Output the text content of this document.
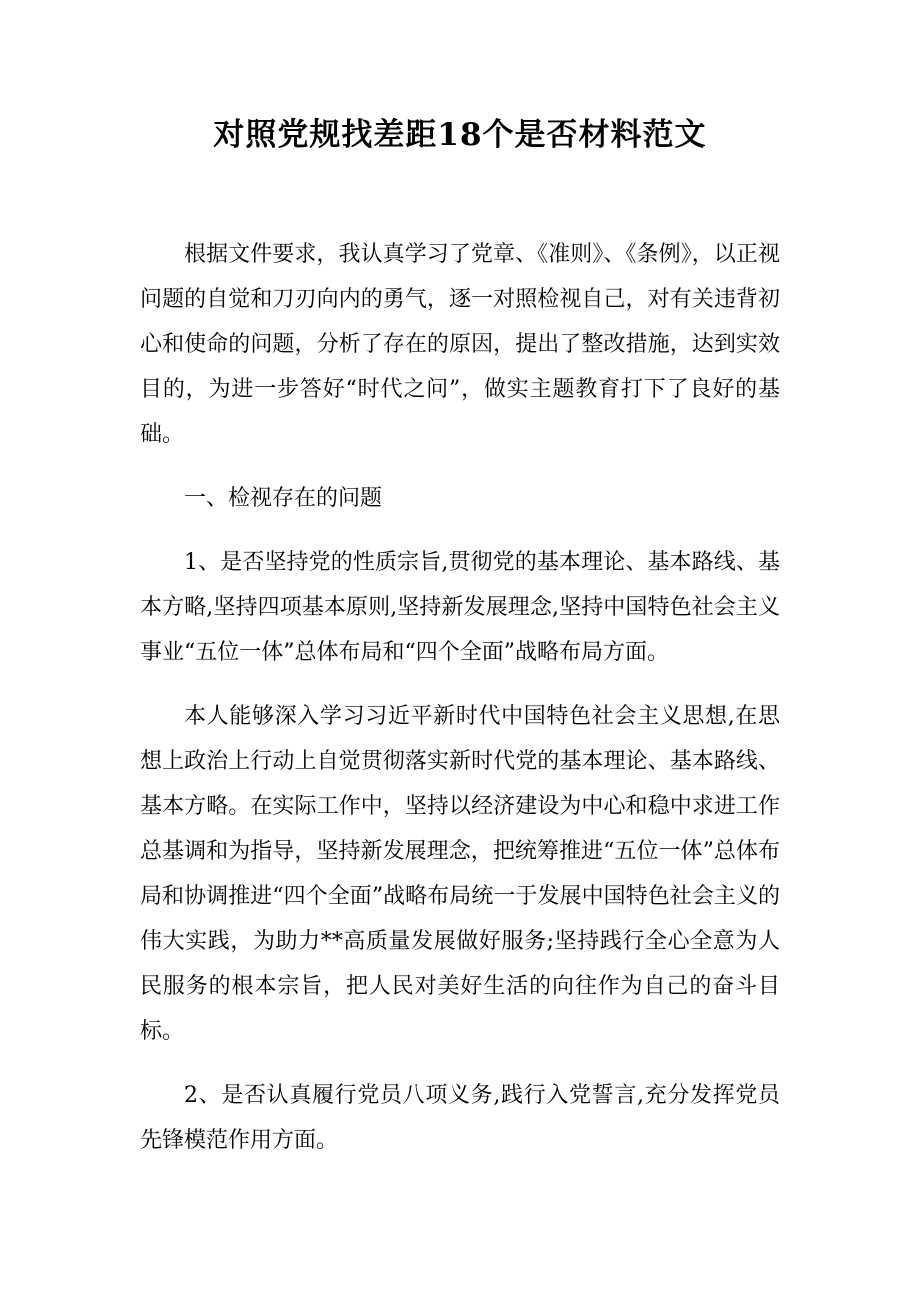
对照党规找差距18个是否材料范文

根据文件要求，我认真学习了党章、《准则》、《条例》，以正视问题的自觉和刀刃向内的勇气，逐一对照检视自己，对有关违背初心和使命的问题，分析了存在的原因，提出了整改措施，达到实效目的，为进一步答好“时代之问”，做实主题教育打下了良好的基础。

一、检视存在的问题

1、是否坚持党的性质宗旨,贯彻党的基本理论、基本路线、基本方略,坚持四项基本原则,坚持新发展理念,坚持中国特色社会主义事业“五位一体”总体布局和“四个全面”战略布局方面。

本人能够深入学习习近平新时代中国特色社会主义思想,在思想上政治上行动上自觉贯彻落实新时代党的基本理论、基本路线、基本方略。在实际工作中，坚持以经济建设为中心和稳中求进工作总基调和为指导，坚持新发展理念，把统筹推进“五位一体”总体布局和协调推进“四个全面”战略布局统一于发展中国特色社会主义的伟大实践，为助力**高质量发展做好服务;坚持践行全心全意为人民服务的根本宗旨，把人民对美好生活的向往作为自己的奋斗目标。

2、是否认真履行党员八项义务,践行入党誓言,充分发挥党员先锋模范作用方面。
